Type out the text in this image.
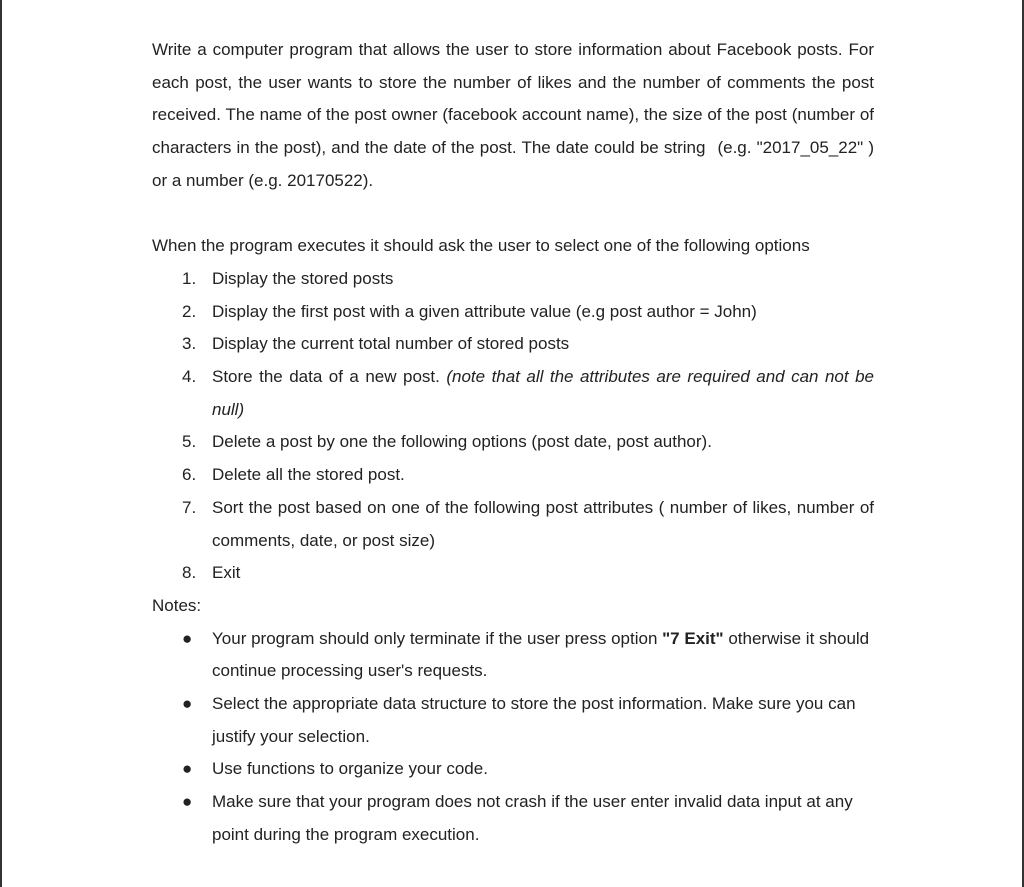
Write a computer program that allows the user to store information about Facebook posts. For each post, the user wants to store the number of likes and the number of comments the post received. The name of the post owner (facebook account name), the size of the post (number of characters in the post), and the date of the post. The date could be string (e.g. "2017_05_22" ) or a number (e.g. 20170522).

When the program executes it should ask the user to select one of the following options

1. Display the stored posts
2. Display the first post with a given attribute value (e.g post author = John)
3. Display the current total number of stored posts
4. Store the data of a new post. (note that all the attributes are required and can not be null)
5. Delete a post by one the following options (post date, post author).
6. Delete all the stored post.
7. Sort the post based on one of the following post attributes ( number of likes, number of comments, date, or post size)
8. Exit

Notes:

● Your program should only terminate if the user press option "7 Exit" otherwise it should continue processing user's requests.
● Select the appropriate data structure to store the post information. Make sure you can justify your selection.
● Use functions to organize your code.
● Make sure that your program does not crash if the user enter invalid data input at any point during the program execution.
